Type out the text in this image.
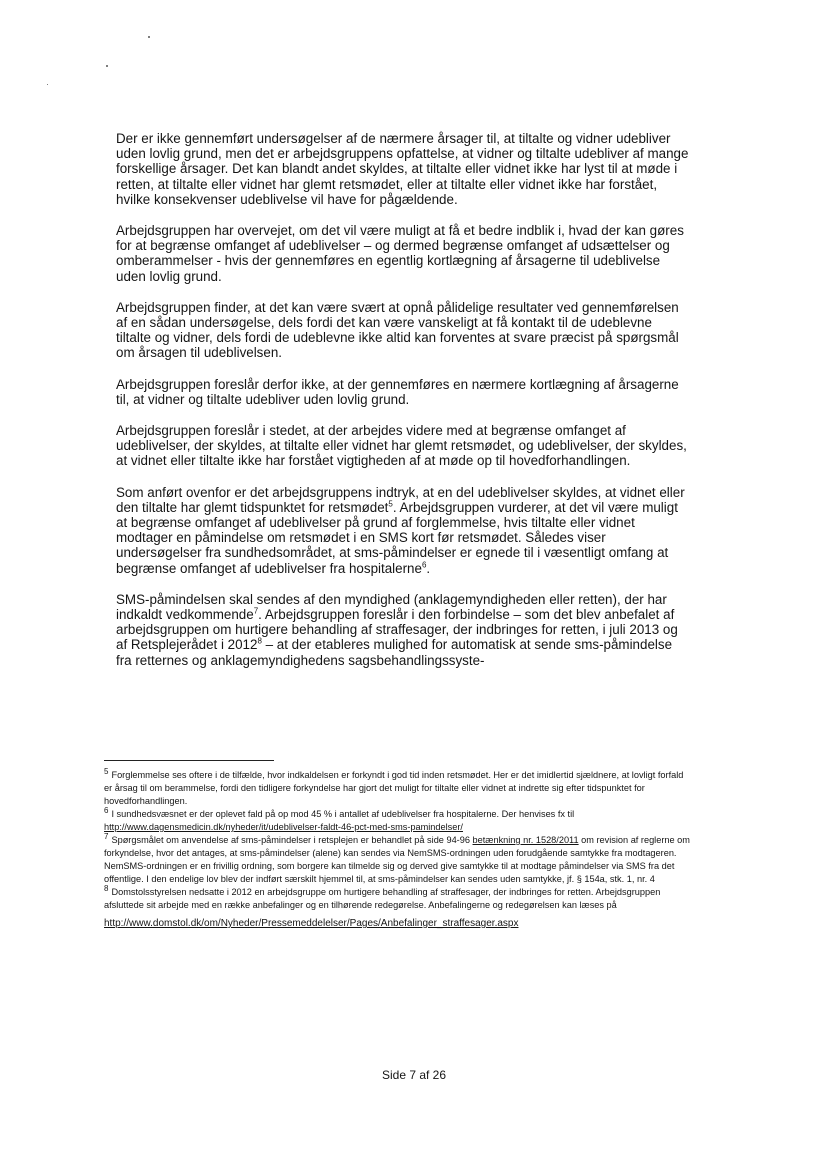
Der er ikke gennemført undersøgelser af de nærmere årsager til, at tiltalte og vidner udebliver uden lovlig grund, men det er arbejdsgruppens opfattelse, at vidner og tiltalte udebliver af mange forskellige årsager. Det kan blandt andet skyldes, at tiltalte eller vidnet ikke har lyst til at møde i retten, at tiltalte eller vidnet har glemt retsmødet, eller at tiltalte eller vidnet ikke har forstået, hvilke konsekvenser udeblivelse vil have for pågældende.

Arbejdsgruppen har overvejet, om det vil være muligt at få et bedre indblik i, hvad der kan gøres for at begrænse omfanget af udeblivelser – og dermed begrænse omfanget af udsættelser og omberammelser - hvis der gennemføres en egentlig kortlægning af årsagerne til udeblivelse uden lovlig grund.

Arbejdsgruppen finder, at det kan være svært at opnå pålidelige resultater ved gennemførelsen af en sådan undersøgelse, dels fordi det kan være vanskeligt at få kontakt til de udeblevne tiltalte og vidner, dels fordi de udeblevne ikke altid kan forventes at svare præcist på spørgsmål om årsagen til udeblivelsen.

Arbejdsgruppen foreslår derfor ikke, at der gennemføres en nærmere kortlægning af årsagerne til, at vidner og tiltalte udebliver uden lovlig grund.

Arbejdsgruppen foreslår i stedet, at der arbejdes videre med at begrænse omfanget af udeblivelser, der skyldes, at tiltalte eller vidnet har glemt retsmødet, og udeblivelser, der skyldes, at vidnet eller tiltalte ikke har forstået vigtigheden af at møde op til hovedforhandlingen.

Som anført ovenfor er det arbejdsgruppens indtryk, at en del udeblivelser skyldes, at vidnet eller den tiltalte har glemt tidspunktet for retsmødet$^5$. Arbejdsgruppen vurderer, at det vil være muligt at begrænse omfanget af udeblivelser på grund af forglemmelse, hvis tiltalte eller vidnet modtager en påmindelse om retsmødet i en SMS kort før retsmødet. Således viser undersøgelser fra sundhedsområdet, at sms-påmindelser er egnede til i væsentligt omfang at begrænse omfanget af udeblivelser fra hospitalerne$^6$.

SMS-påmindelsen skal sendes af den myndighed (anklagemyndigheden eller retten), der har indkaldt vedkommende$^7$. Arbejdsgruppen foreslår i den forbindelse – som det blev anbefalet af arbejdsgruppen om hurtigere behandling af straffesager, der indbringes for retten, i juli 2013 og af Retsplejerådet i 2012$^8$ – at der etableres mulighed for automatisk at sende sms-påmindelse fra retternes og anklagemyndighedens sagsbehandlingssyste-

$^5$ Forglemmelse ses oftere i de tilfælde, hvor indkaldelsen er forkyndt i god tid inden retsmødet. Her er det imidlertid sjældnere, at lovligt forfald er årsag til om berammelse, fordi den tidligere forkyndelse har gjort det muligt for tiltalte eller vidnet at indrette sig efter tidspunktet for hovedforhandlingen.

$^6$ I sundhedsvæsnet er der oplevet fald på op mod 45 % i antallet af udeblivelser fra hospitalerne. Der henvises fx til http://www.dagensmedicin.dk/nyheder/it/udeblivelser-faldt-46-pct-med-sms-pamindelser/

$^7$ Spørgsmålet om anvendelse af sms-påmindelser i retsplejen er behandlet på side 94-96 betænkning nr. 1528/2011 om revision af reglerne om forkyndelse, hvor det antages, at sms-påmindelser (alene) kan sendes via NemSMS-ordningen uden forudgående samtykke fra modtageren. NemSMS-ordningen er en frivillig ordning, som borgere kan tilmelde sig og derved give samtykke til at modtage påmindelser via SMS fra det offentlige. I den endelige lov blev der indført særskilt hjemmel til, at sms-påmindelser kan sendes uden samtykke, jf. § 154a, stk. 1, nr. 4

$^8$ Domstolsstyrelsen nedsatte i 2012 en arbejdsgruppe om hurtigere behandling af straffesager, der indbringes for retten. Arbejdsgruppen afsluttede sit arbejde med en række anbefalinger og en tilhørende redegørelse. Anbefalingerne og redegørelsen kan læses på
http://www.domstol.dk/om/Nyheder/Pressemeddelelser/Pages/Anbefalinger_straffesager.aspx

Side 7 af 26
